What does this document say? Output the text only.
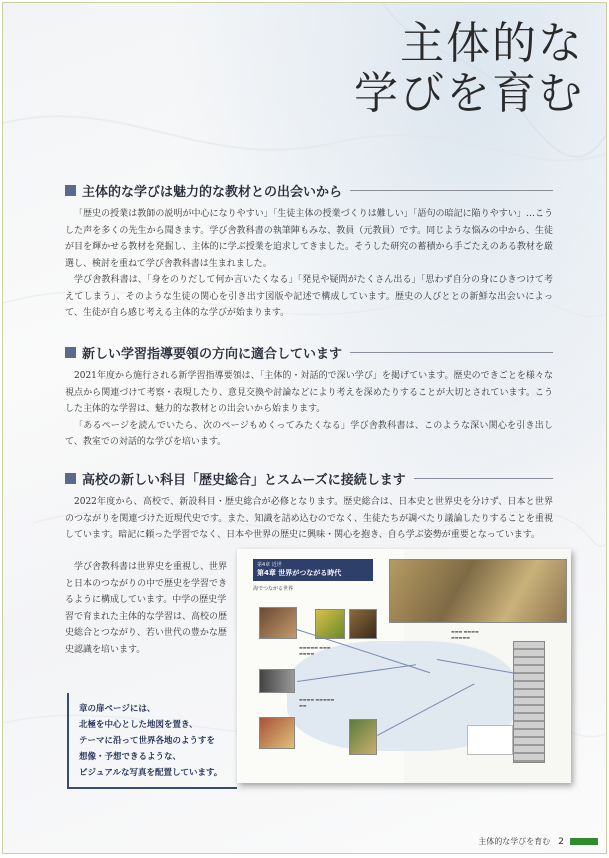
主体的な
学びを育む
主体的な学びは魅力的な教材との出会いから

「歴史の授業は教師の説明が中心になりやすい」「生徒主体の授業づくりは難しい」「語句の暗記に陥りやすい」…こうした声を多くの先生から聞きます。学び舎教科書の執筆陣もみな、教員（元教員）です。同じような悩みの中から、生徒が目を輝かせる教材を発掘し、主体的に学ぶ授業を追求してきました。そうした研究の蓄積から手ごたえのある教材を厳選し、検討を重ねて学び舎教科書は生まれました。

学び舎教科書は、「身をのりだして何か言いたくなる」「発見や疑問がたくさん出る」「思わず自分の身にひきつけて考えてしまう」、そのような生徒の関心を引き出す図版や記述で構成しています。歴史の人びととの新鮮な出会いによって、生徒が自ら感じ考える主体的な学びが始まります。

新しい学習指導要領の方向に適合しています

2021年度から施行される新学習指導要領は、「主体的・対話的で深い学び」を掲げています。歴史のできごとを様々な視点から関連づけて考察・表現したり、意見交換や討論などにより考えを深めたりすることが大切とされています。こうした主体的な学習は、魅力的な教材との出会いから始まります。

「あるページを読んでいたら、次のページもめくってみたくなる」学び舎教科書は、このような深い関心を引き出して、教室での対話的な学びを培います。

高校の新しい科目「歴史総合」とスムーズに接続します

2022年度から、高校で、新設科目・歴史総合が必修となります。歴史総合は、日本史と世界史を分けず、日本と世界のつながりを関連づけた近現代史です。また、知識を詰め込むのでなく、生徒たちが調べたり議論したりすることを重視しています。暗記に頼った学習でなく、日本や世界の歴史に興味・関心を抱き、自ら学ぶ姿勢が重要となっています。

学び舎教科書は世界史を重視し、世界と日本のつながりの中で歴史を学習できるように構成しています。中学の歴史学習で育まれた主体的な学習は、高校の歴史総合とつながり、若い世代の豊かな歴史認識を培います。
章の扉ページには、
北極を中心とした地図を置き、
テーマに沿って世界各地のようすを
想像・予想できるような、
ビジュアルな写真を配置しています。
第4章 近世
第4章 世界がつながる時代
海でつながる世界
▬▬▬▬▬ ▬▬▬ ▬▬▬▬
▬▬▬▬ ▬▬▬▬▬ ▬▬
▬▬▬ ▬▬▬▬ ▬▬▬▬▬
主体的な学びを育む 2
